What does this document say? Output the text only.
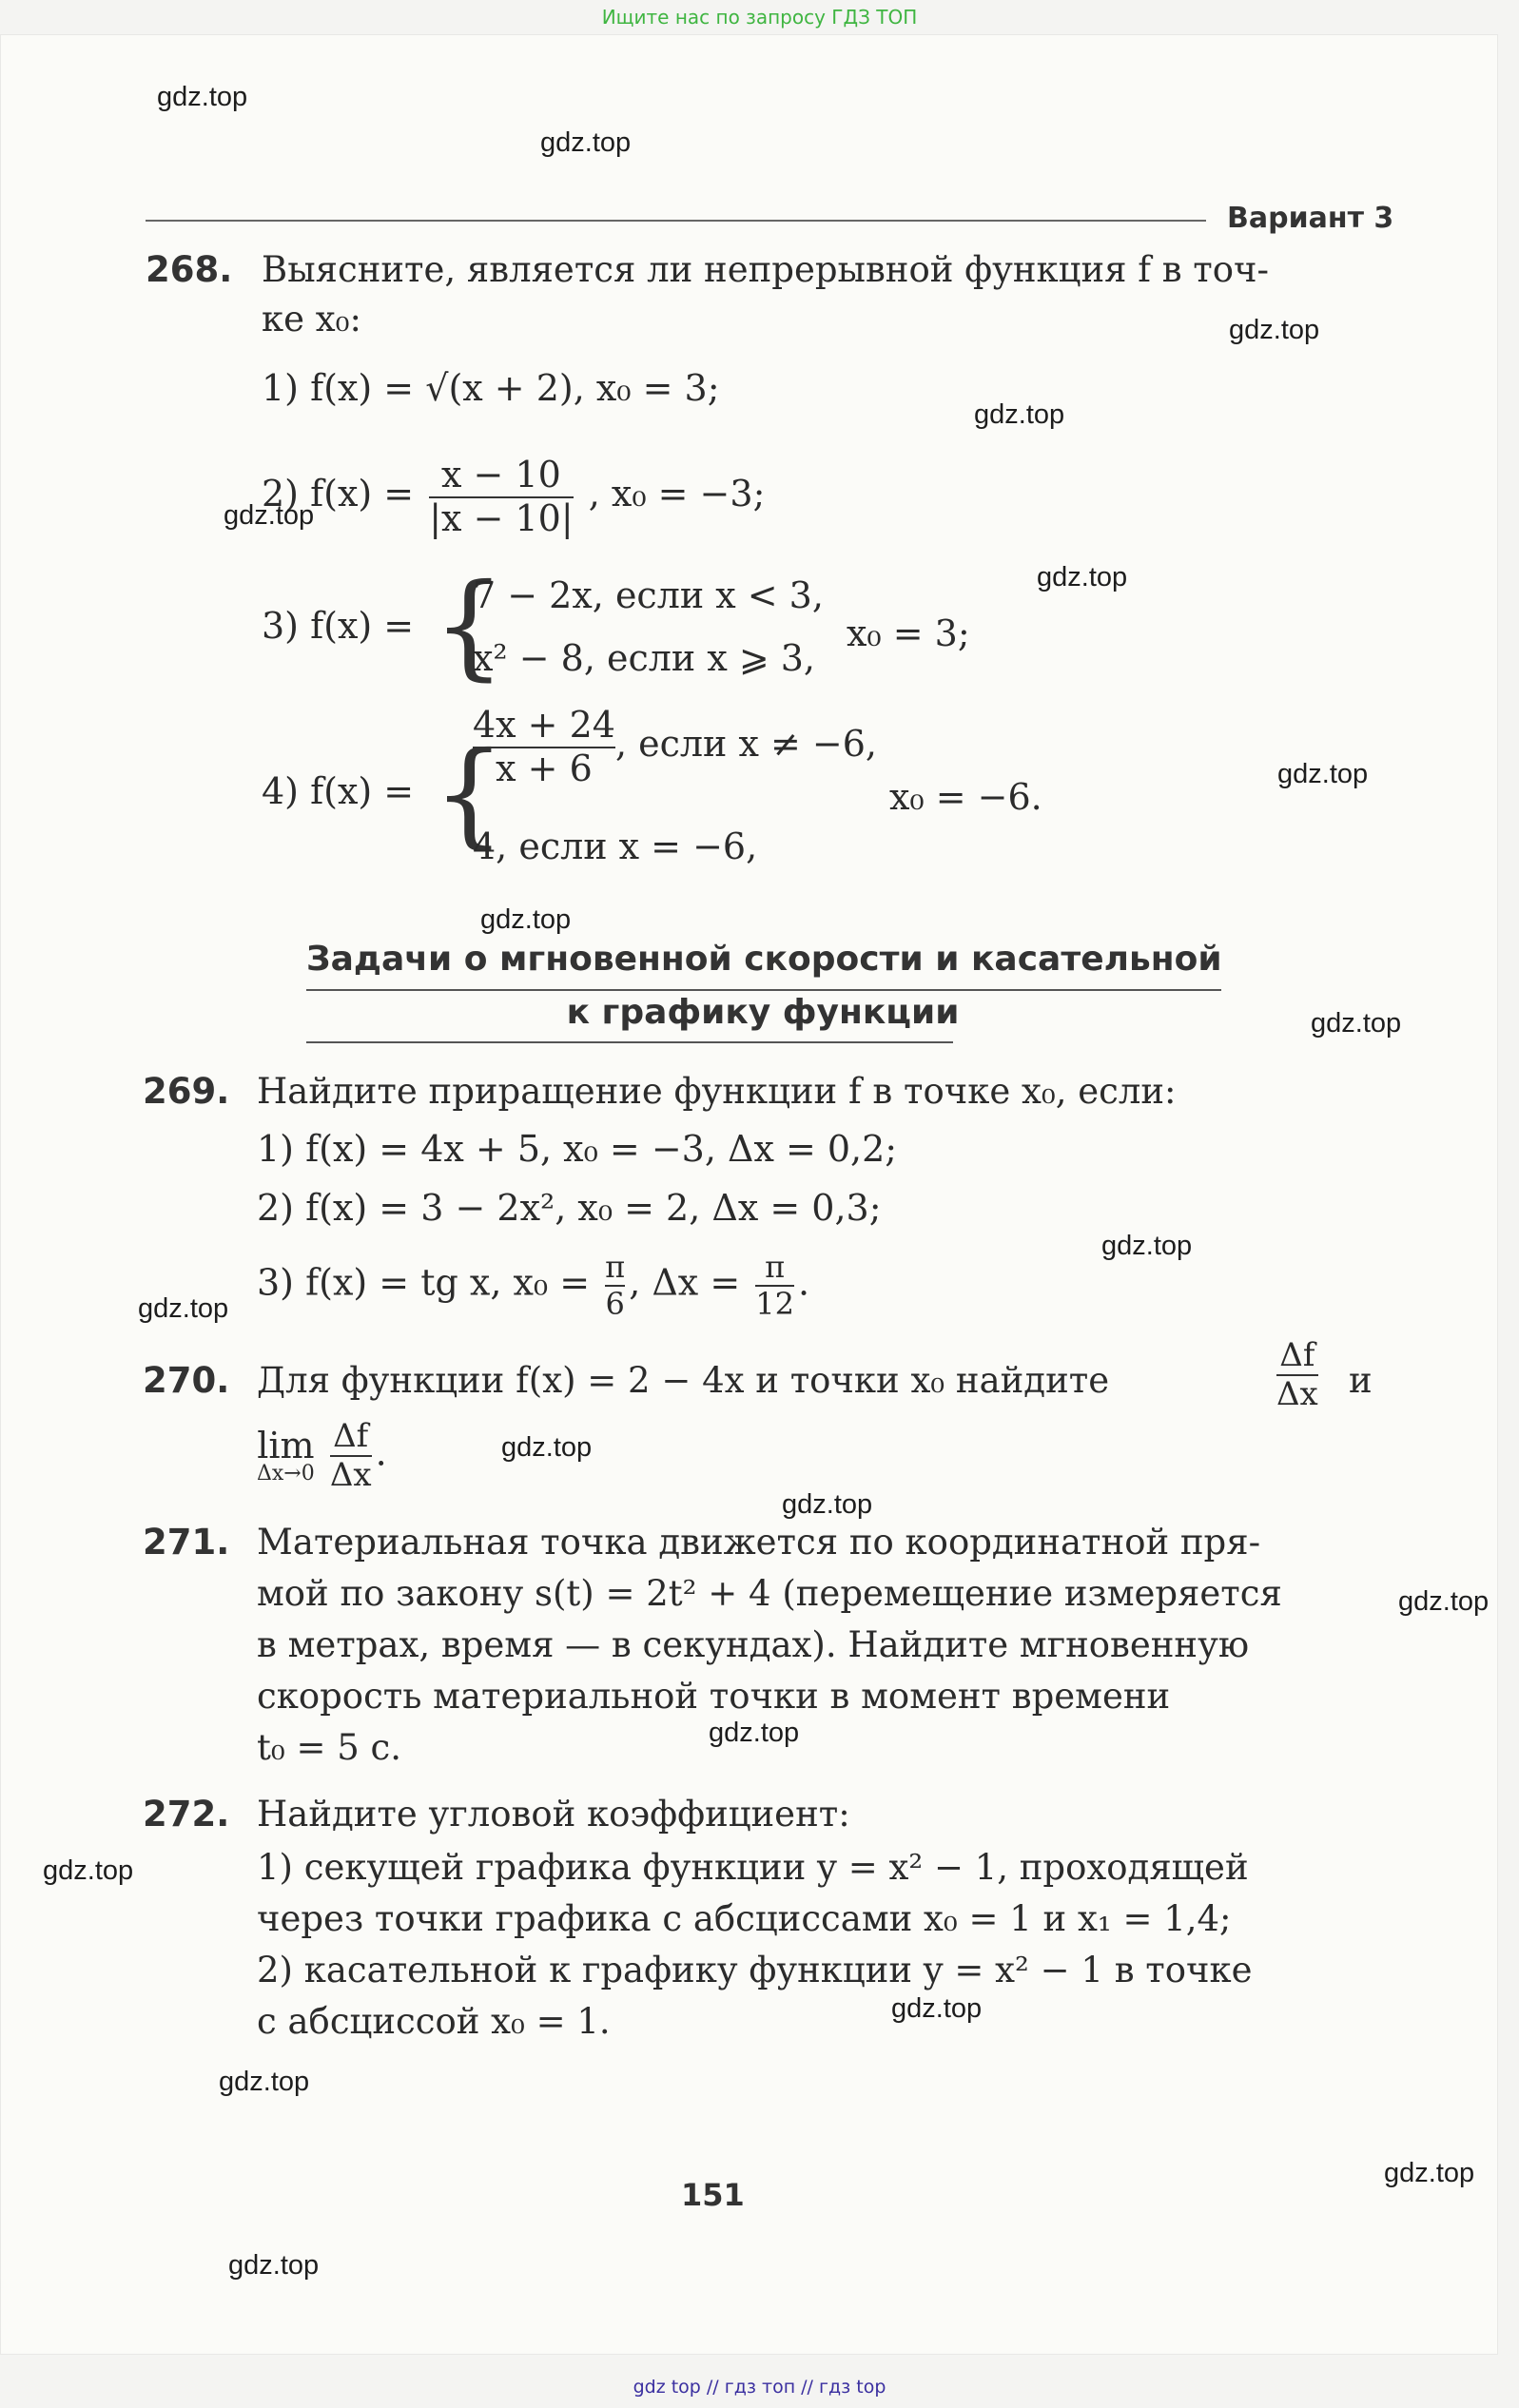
Ищите нас по запросу ГДЗ ТОП
gdz.top
gdz.top
Вариант 3
268. Выясните, является ли непрерывной функция f в точ-
ке x₀:	gdz.top
1) f(x) = √(x + 2), x₀ = 3;
gdz.top
2) $f(x) = \frac{x - 10}{|x - 10|}$ , x₀ = −3;
gdz.top
3) f(x) = {
7 − 2x, если x < 3,
x² − 8, если x ⩾ 3,
x₀ = 3;
gdz.top
4) f(x) = {
$\frac{4x + 24}{x + 6}$ , если x ≠ −6,
4, если x = −6,
x₀ = −6.
gdz.top
gdz.top
Задачи о мгновенной скорости и касательной
к графику функции	gdz.top
269. Найдите приращение функции f в точке x₀, если:
1) f(x) = 4x + 5, x₀ = −3, Δx = 0,2;
2) f(x) = 3 − 2x², x₀ = 2, Δx = 0,3;
gdz.top
3) f(x) = tg x, $x_0 = \frac{\pi}{6}$ , $\Delta x = \frac{\pi}{12}$ .
gdz.top
270. Для функции f(x) = 2 − 4x и точки x₀ найдите	$\frac{\Delta f}{\Delta x}$ и
lim
Δx→0
$\frac{\Delta f}{\Delta x}$ .	gdz.top
gdz.top
271. Материальная точка движется по координатной пря-
мой по закону s(t) = 2t² + 4 (перемещение измеряется	gdz.top
в метрах, время — в секундах). Найдите мгновенную
скорость материальной точки в момент времени
t₀ = 5 с.	gdz.top
272. Найдите угловой коэффициент:
gdz.top	1) секущей графика функции y = x² − 1, проходящей
через точки графика с абсциссами x₀ = 1 и x₁ = 1,4;
2) касательной к графику функции y = x² − 1 в точке
с абсциссой x₀ = 1.	gdz.top
gdz.top
151
gdz.top
gdz.top
gdz top // гдз топ // гдз top
